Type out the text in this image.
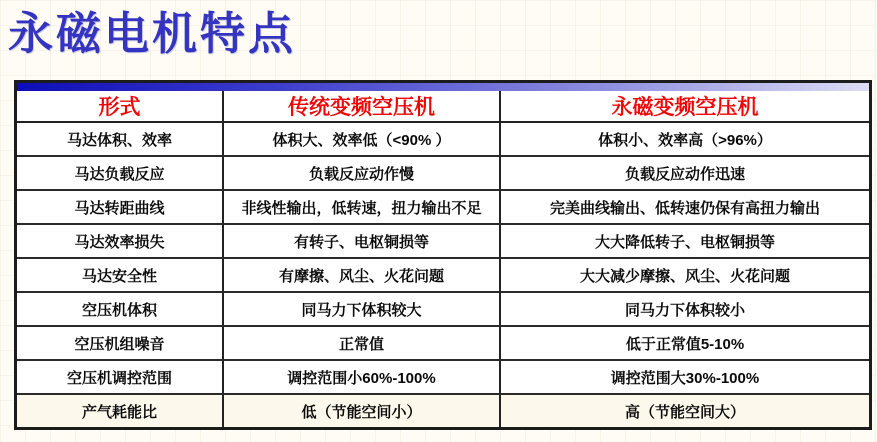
永磁电机特点
形式	传统变频空压机	永磁变频空压机
马达体积、效率	体积大、效率低（<90% ）	体积小、效率高（>96%）
马达负载反应	负载反应动作慢	负载反应动作迅速
马达转距曲线	非线性输出，低转速，扭力输出不足	完美曲线输出、低转速仍保有高扭力输出
马达效率损失	有转子、电枢铜损等	大大降低转子、电枢铜损等
马达安全性	有摩擦、风尘、火花问题	大大减少摩擦、风尘、火花问题
空压机体积	同马力下体积较大	同马力下体积较小
空压机组噪音	正常值	低于正常值5-10%
空压机调控范围	调控范围小60%-100%	调控范围大30%-100%
产气耗能比	低（节能空间小）	高（节能空间大）
